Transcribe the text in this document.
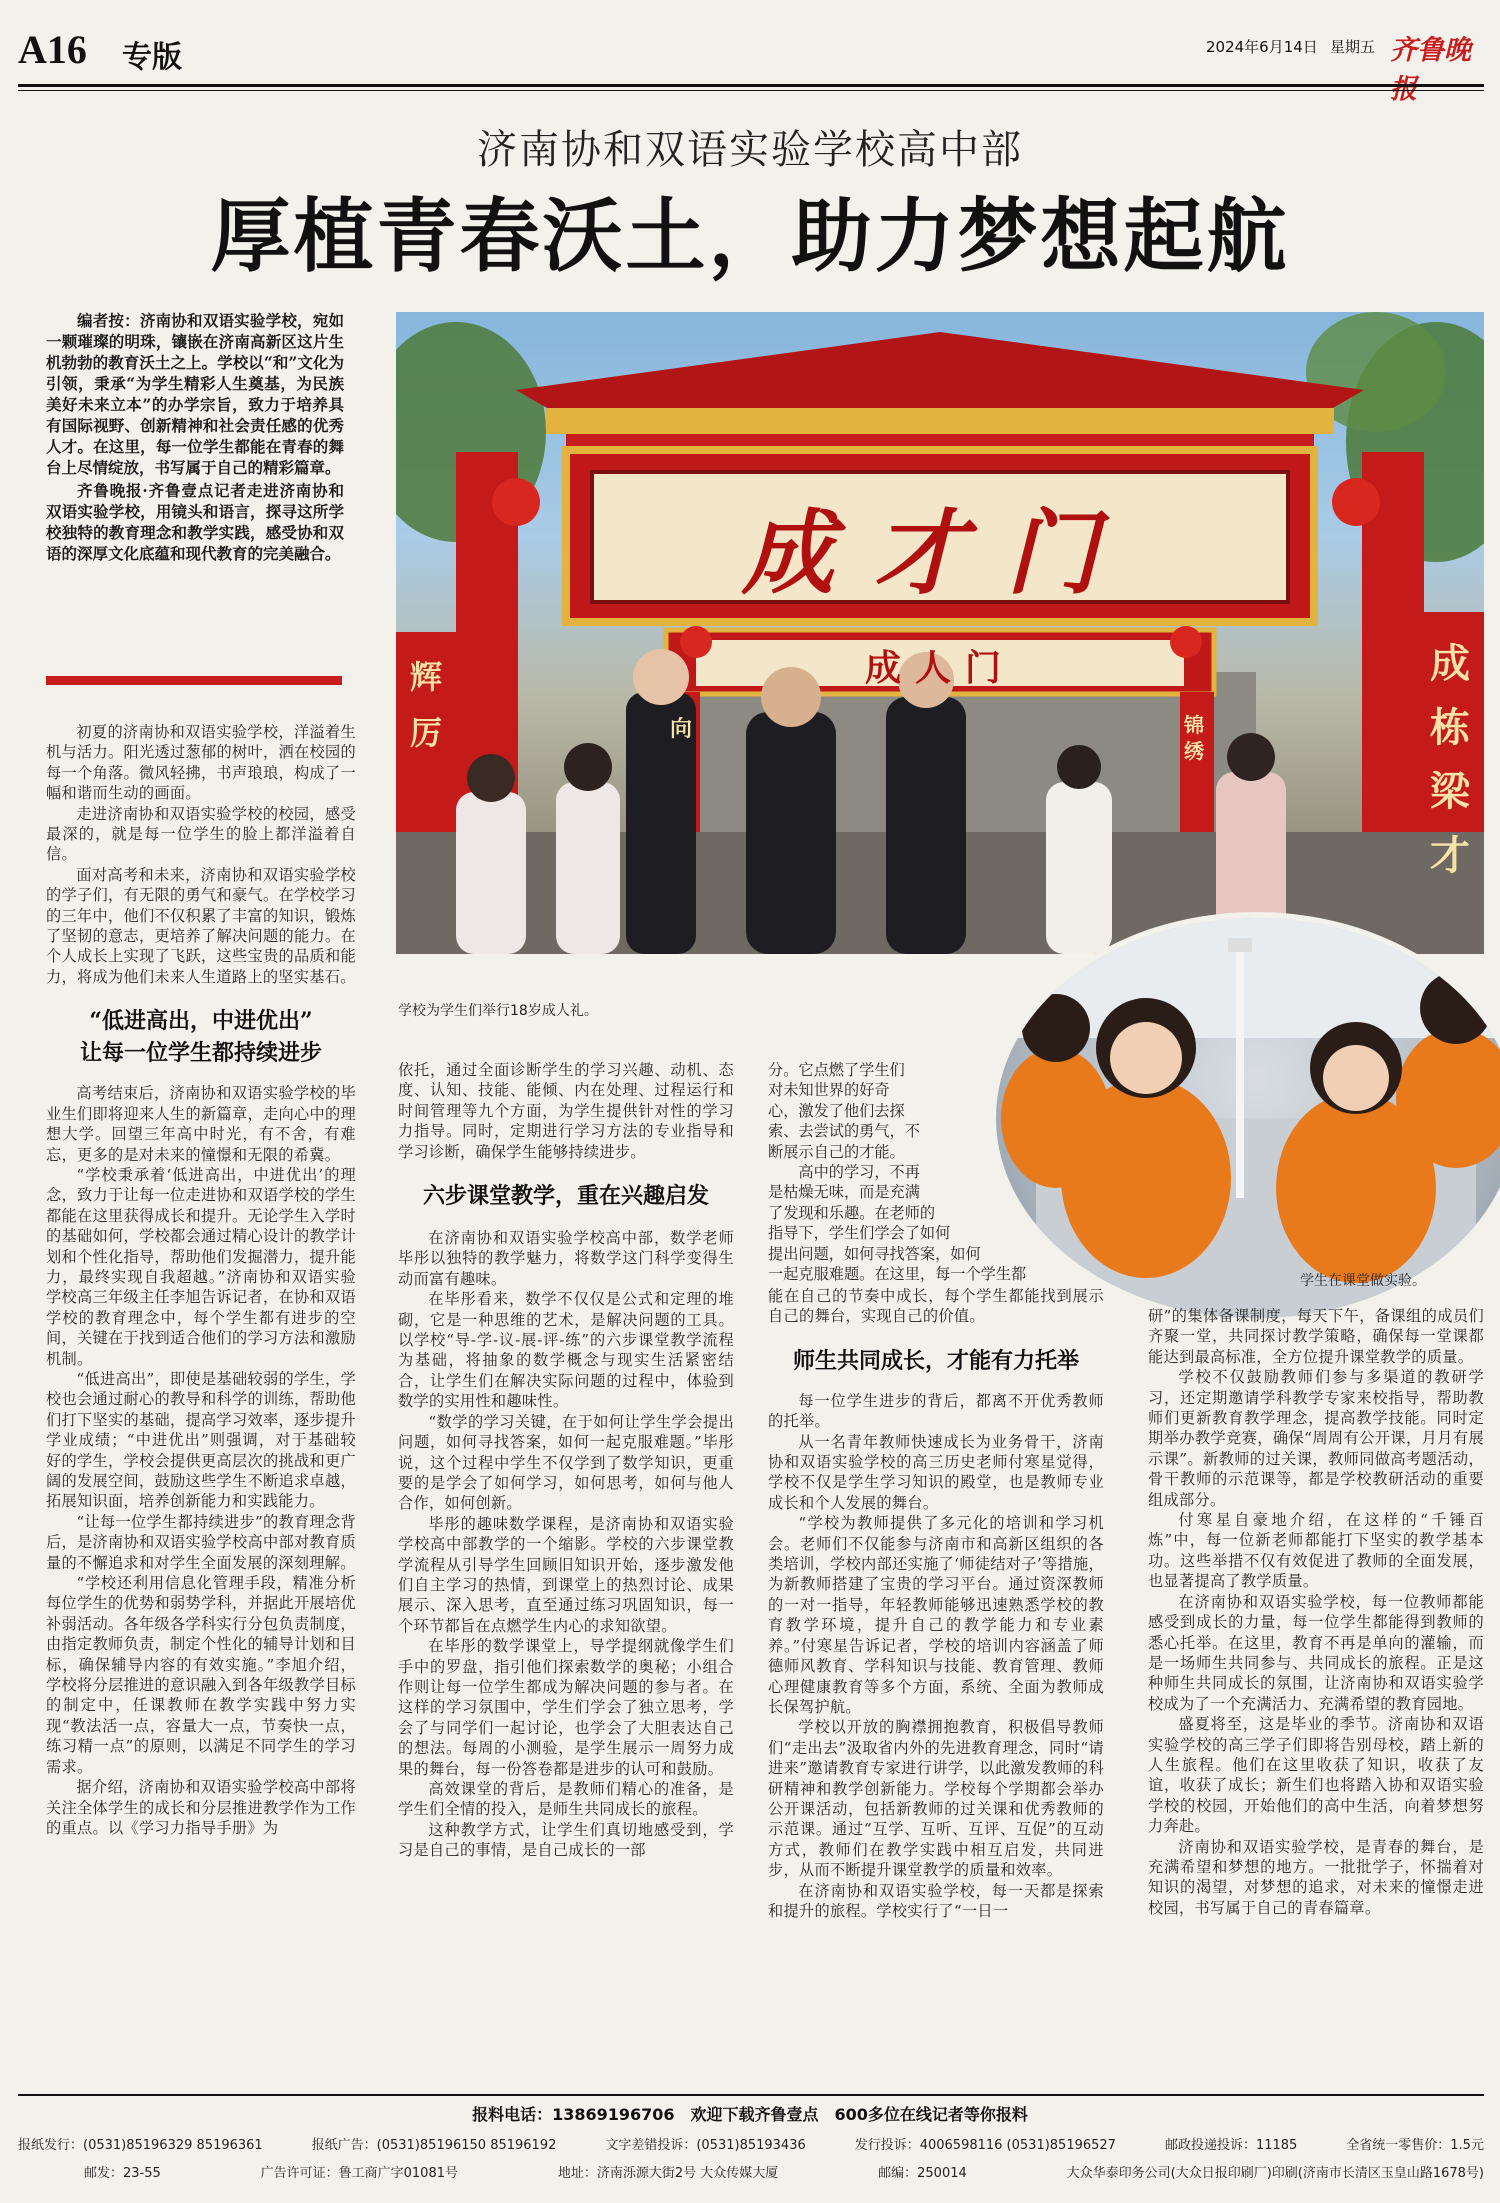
A16 专版	2024年6月14日 星期五 齐鲁晚
济南协和双语实验学校高中部
厚植青春沃土，助力梦想起航

编者按：济南协和双语实验学校，宛如一颗璀璨的明珠，镶嵌在济南高新区这片生机勃勃的教育沃土之上。学校以“和”文化为引领，秉承“为学生精彩人生奠基，为民族美好未来立本”的办学宗旨，致力于培养具有国际视野、创新精神和社会责任感的优秀人才。在这里，每一位学生都能在青春的舞台上尽情绽放，书写属于自己的精彩篇章。

齐鲁晚报·齐鲁壹点记者走进济南协和双语实验学校，用镜头和语言，探寻这所学校独特的教育理念和教学实践，感受协和双语的深厚文化底蕴和现代教育的完美融合。	成才门
成人门
辉
厉	向	锦绣
成栋梁才
学校为学生们举行18岁成人礼。
学生在课堂做实验。

初夏的济南协和双语实验学校，洋溢着生机与活力。阳光透过葱郁的树叶，洒在校园的每一个角落。微风轻拂，书声琅琅，构成了一幅和谐而生动的画面。

走进济南协和双语实验学校的校园，感受最深的，就是每一位学生的脸上都洋溢着自信。

面对高考和未来，济南协和双语实验学校的学子们，有无限的勇气和豪气。在学校学习的三年中，他们不仅积累了丰富的知识，锻炼了坚韧的意志，更培养了解决问题的能力。在个人成长上实现了飞跃，这些宝贵的品质和能力，将成为他们未来人生道路上的坚实基石。

“低进高出，中进优出”
让每一位学生都持续进步

高考结束后，济南协和双语实验学校的毕业生们即将迎来人生的新篇章，走向心中的理想大学。回望三年高中时光，有不舍，有难忘，更多的是对未来的憧憬和无限的希冀。

“学校秉承着‘低进高出，中进优出’的理念，致力于让每一位走进协和双语学校的学生都能在这里获得成长和提升。无论学生入学时的基础如何，学校都会通过精心设计的教学计划和个性化指导，帮助他们发掘潜力，提升能力，最终实现自我超越。”济南协和双语实验学校高三年级主任李旭告诉记者，在协和双语学校的教育理念中，每个学生都有进步的空间，关键在于找到适合他们的学习方法和激励机制。

“低进高出”，即使是基础较弱的学生，学校也会通过耐心的教导和科学的训练，帮助他们打下坚实的基础，提高学习效率，逐步提升学业成绩；“中进优出”则强调，对于基础较好的学生，学校会提供更高层次的挑战和更广阔的发展空间，鼓励这些学生不断追求卓越，拓展知识面，培养创新能力和实践能力。

“让每一位学生都持续进步”的教育理念背后，是济南协和双语实验学校高中部对教育质量的不懈追求和对学生全面发展的深刻理解。

“学校还利用信息化管理手段，精准分析每位学生的优势和弱势学科，并据此开展培优补弱活动。各年级各学科实行分包负责制度，由指定教师负责，制定个性化的辅导计划和目标，确保辅导内容的有效实施。”李旭介绍，学校将分层推进的意识融入到各年级教学目标的制定中，任课教师在教学实践中努力实现“教法活一点，容量大一点，节奏快一点，练习精一点”的原则，以满足不同学生的学习需求。

据介绍，济南协和双语实验学校高中部将关注全体学生的成长和分层推进教学作为工作的重点。以《学习力指导手册》为

依托，通过全面诊断学生的学习兴趣、动机、态度、认知、技能、能倾、内在处理、过程运行和时间管理等九个方面，为学生提供针对性的学习力指导。同时，定期进行学习方法的专业指导和学习诊断，确保学生能够持续进步。

六步课堂教学，重在兴趣启发

在济南协和双语实验学校高中部，数学老师毕彤以独特的教学魅力，将数学这门科学变得生动而富有趣味。

在毕彤看来，数学不仅仅是公式和定理的堆砌，它是一种思维的艺术，是解决问题的工具。以学校“导-学-议-展-评-练”的六步课堂教学流程为基础，将抽象的数学概念与现实生活紧密结合，让学生们在解决实际问题的过程中，体验到数学的实用性和趣味性。

“数学的学习关键，在于如何让学生学会提出问题，如何寻找答案，如何一起克服难题。”毕彤说，这个过程中学生不仅学到了数学知识，更重要的是学会了如何学习，如何思考，如何与他人合作，如何创新。

毕彤的趣味数学课程，是济南协和双语实验学校高中部教学的一个缩影。学校的六步课堂教学流程从引导学生回顾旧知识开始，逐步激发他们自主学习的热情，到课堂上的热烈讨论、成果展示、深入思考，直至通过练习巩固知识，每一个环节都旨在点燃学生内心的求知欲望。

在毕彤的数学课堂上，导学提纲就像学生们手中的罗盘，指引他们探索数学的奥秘；小组合作则让每一位学生都成为解决问题的参与者。在这样的学习氛围中，学生们学会了独立思考，学会了与同学们一起讨论，也学会了大胆表达自己的想法。每周的小测验，是学生展示一周努力成果的舞台，每一份答卷都是进步的认可和鼓励。

高效课堂的背后，是教师们精心的准备，是学生们全情的投入，是师生共同成长的旅程。

这种教学方式，让学生们真切地感受到，学习是自己的事情，是自己成长的一部

分。它点燃了学生们
对未知世界的好奇
心，激发了他们去探
索、去尝试的勇气，不
断展示自己的才能。
　　高中的学习，不再
是枯燥无味，而是充满
了发现和乐趣。在老师的
指导下，学生们学会了如何
提出问题，如何寻找答案，如何
一起克服难题。在这里，每一个学生都

能在自己的节奏中成长，每个学生都能找到展示自己的舞台，实现自己的价值。

师生共同成长，才能有力托举

每一位学生进步的背后，都离不开优秀教师的托举。

从一名青年教师快速成长为业务骨干，济南协和双语实验学校的高三历史老师付寒星觉得，学校不仅是学生学习知识的殿堂，也是教师专业成长和个人发展的舞台。

“学校为教师提供了多元化的培训和学习机会。老师们不仅能参与济南市和高新区组织的各类培训，学校内部还实施了‘师徒结对子’等措施，为新教师搭建了宝贵的学习平台。通过资深教师的一对一指导，年轻教师能够迅速熟悉学校的教育教学环境，提升自己的教学能力和专业素养。”付寒星告诉记者，学校的培训内容涵盖了师德师风教育、学科知识与技能、教育管理、教师心理健康教育等多个方面，系统、全面为教师成长保驾护航。

学校以开放的胸襟拥抱教育，积极倡导教师们“走出去”汲取省内外的先进教育理念，同时“请进来”邀请教育专家进行讲学，以此激发教师的科研精神和教学创新能力。学校每个学期都会举办公开课活动，包括新教师的过关课和优秀教师的示范课。通过“互学、互听、互评、互促”的互动方式，教师们在教学实践中相互启发，共同进步，从而不断提升课堂教学的质量和效率。

在济南协和双语实验学校，每一天都是探索和提升的旅程。学校实行了“一日一

研”的集体备课制度，每天下午，备课组的成员们齐聚一堂，共同探讨教学策略，确保每一堂课都能达到最高标准，全方位提升课堂教学的质量。

学校不仅鼓励教师们参与多渠道的教研学习，还定期邀请学科教学专家来校指导，帮助教师们更新教育教学理念，提高教学技能。同时定期举办教学竞赛，确保“周周有公开课，月月有展示课”。新教师的过关课，教师同做高考题活动，骨干教师的示范课等，都是学校教研活动的重要组成部分。

付寒星自豪地介绍，在这样的“千锤百炼”中，每一位新老师都能打下坚实的教学基本功。这些举措不仅有效促进了教师的全面发展，也显著提高了教学质量。

在济南协和双语实验学校，每一位教师都能感受到成长的力量，每一位学生都能得到教师的悉心托举。在这里，教育不再是单向的灌输，而是一场师生共同参与、共同成长的旅程。正是这种师生共同成长的氛围，让济南协和双语实验学校成为了一个充满活力、充满希望的教育园地。

盛夏将至，这是毕业的季节。济南协和双语实验学校的高三学子们即将告别母校，踏上新的人生旅程。他们在这里收获了知识，收获了友谊，收获了成长；新生们也将踏入协和双语实验学校的校园，开始他们的高中生活，向着梦想努力奔赴。

济南协和双语实验学校，是青春的舞台，是充满希望和梦想的地方。一批批学子，怀揣着对知识的渴望，对梦想的追求，对未来的憧憬走进校园，书写属于自己的青春篇章。

报料电话：13869196706　欢迎下载齐鲁壹点　600多位在线记者等你报料
报纸发行：(0531)85196329 85196361	报纸广告：(0531)85196150 85196192	文字差错投诉：(0531)85193436	发行投诉：4006598116 (0531)85196527	邮政投递投诉：11185	全省统一零售价：1.5元
邮发：23-55	广告许可证：鲁工商广字01081号	地址：济南泺源大街2号 大众传媒大厦	邮编：250014	大众华泰印务公司(大众日报印刷厂)印刷(济南市长清区玉皇山路1678号)
